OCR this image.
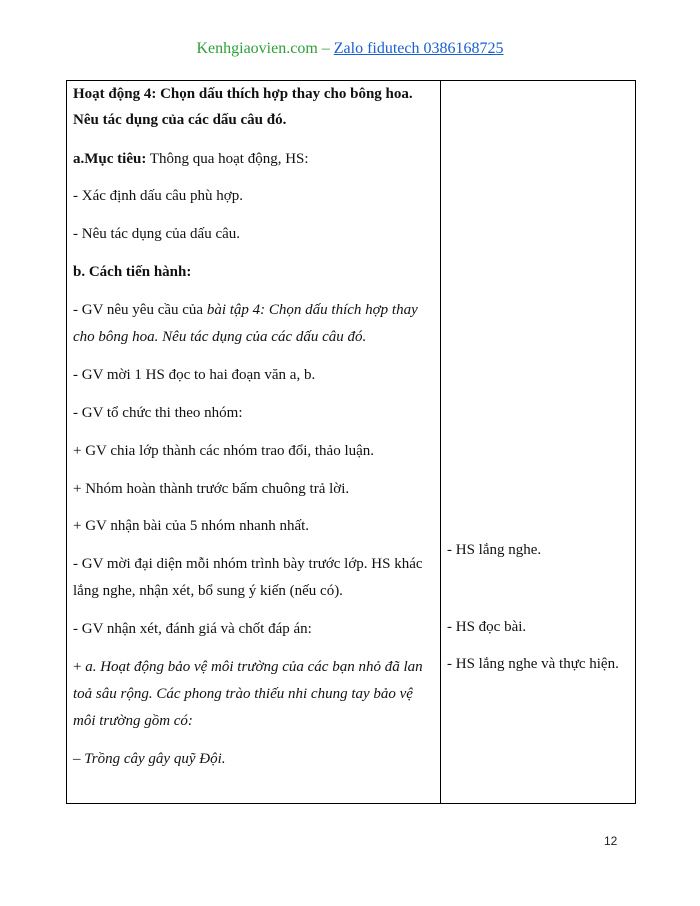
Kenhgiaovien.com – Zalo fidutech 0386168725
Hoạt động 4: Chọn dấu thích hợp thay cho bông hoa.
Nêu tác dụng của các dấu câu đó.
a.Mục tiêu: Thông qua hoạt động, HS:
- Xác định dấu câu phù hợp.
- Nêu tác dụng của dấu câu.
b. Cách tiến hành:
- GV nêu yêu cầu của bài tập 4: Chọn dấu thích hợp thay
cho bông hoa. Nêu tác dụng của các dấu câu đó.
- GV mời 1 HS đọc to hai đoạn văn a, b.
- GV tổ chức thi theo nhóm:
+ GV chia lớp thành các nhóm trao đổi, thảo luận.
+ Nhóm hoàn thành trước bấm chuông trả lời.
+ GV nhận bài của 5 nhóm nhanh nhất.
- GV mời đại diện mỗi nhóm trình bày trước lớp. HS khác
lắng nghe, nhận xét, bổ sung ý kiến (nếu có).
- GV nhận xét, đánh giá và chốt đáp án:
+ a. Hoạt động bảo vệ môi trường của các bạn nhỏ đã lan
toả sâu rộng. Các phong trào thiếu nhi chung tay bảo vệ
môi trường gồm có:
– Trồng cây gây quỹ Đội.
- HS lắng nghe.
- HS đọc bài.
- HS lắng nghe và thực hiện.
12
